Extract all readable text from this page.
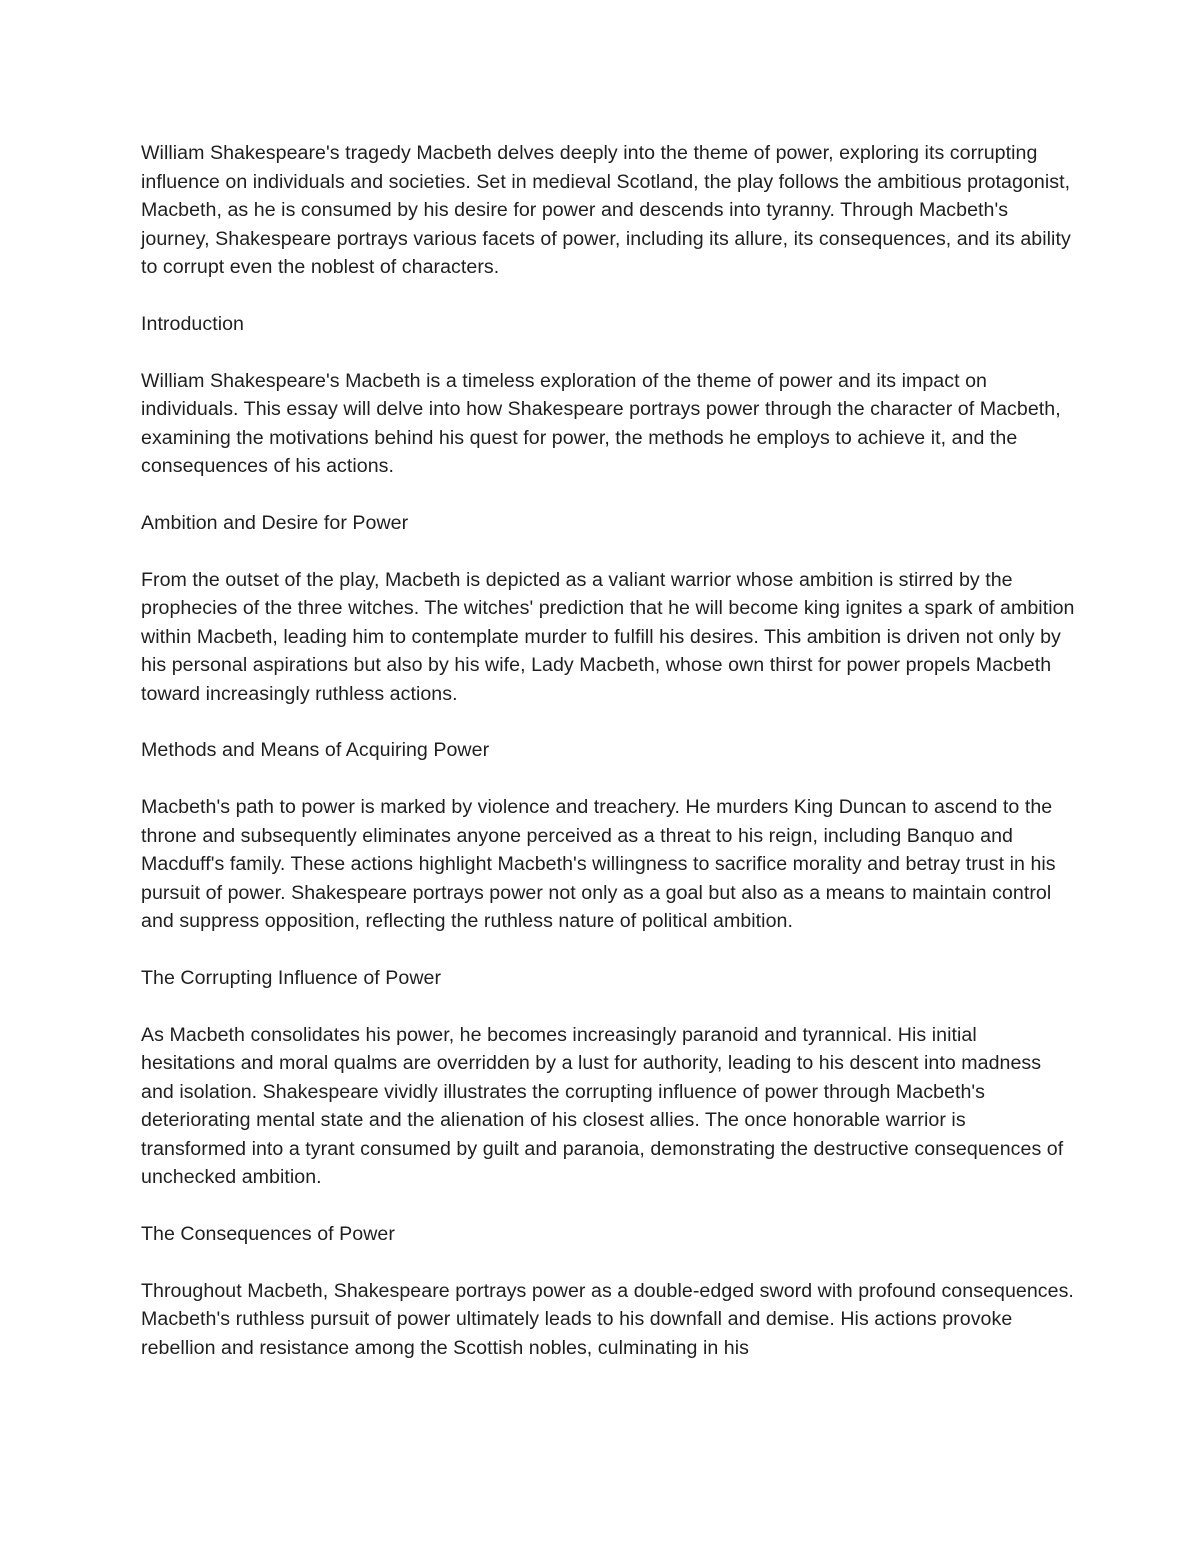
William Shakespeare's tragedy Macbeth delves deeply into the theme of power, exploring its corrupting influence on individuals and societies. Set in medieval Scotland, the play follows the ambitious protagonist, Macbeth, as he is consumed by his desire for power and descends into tyranny. Through Macbeth's journey, Shakespeare portrays various facets of power, including its allure, its consequences, and its ability to corrupt even the noblest of characters.

Introduction

William Shakespeare's Macbeth is a timeless exploration of the theme of power and its impact on individuals. This essay will delve into how Shakespeare portrays power through the character of Macbeth, examining the motivations behind his quest for power, the methods he employs to achieve it, and the consequences of his actions.

Ambition and Desire for Power

From the outset of the play, Macbeth is depicted as a valiant warrior whose ambition is stirred by the prophecies of the three witches. The witches' prediction that he will become king ignites a spark of ambition within Macbeth, leading him to contemplate murder to fulfill his desires. This ambition is driven not only by his personal aspirations but also by his wife, Lady Macbeth, whose own thirst for power propels Macbeth toward increasingly ruthless actions.

Methods and Means of Acquiring Power

Macbeth's path to power is marked by violence and treachery. He murders King Duncan to ascend to the throne and subsequently eliminates anyone perceived as a threat to his reign, including Banquo and Macduff's family. These actions highlight Macbeth's willingness to sacrifice morality and betray trust in his pursuit of power. Shakespeare portrays power not only as a goal but also as a means to maintain control and suppress opposition, reflecting the ruthless nature of political ambition.

The Corrupting Influence of Power

As Macbeth consolidates his power, he becomes increasingly paranoid and tyrannical. His initial hesitations and moral qualms are overridden by a lust for authority, leading to his descent into madness and isolation. Shakespeare vividly illustrates the corrupting influence of power through Macbeth's deteriorating mental state and the alienation of his closest allies. The once honorable warrior is transformed into a tyrant consumed by guilt and paranoia, demonstrating the destructive consequences of unchecked ambition.

The Consequences of Power

Throughout Macbeth, Shakespeare portrays power as a double-edged sword with profound consequences. Macbeth's ruthless pursuit of power ultimately leads to his downfall and demise. His actions provoke rebellion and resistance among the Scottish nobles, culminating in his
